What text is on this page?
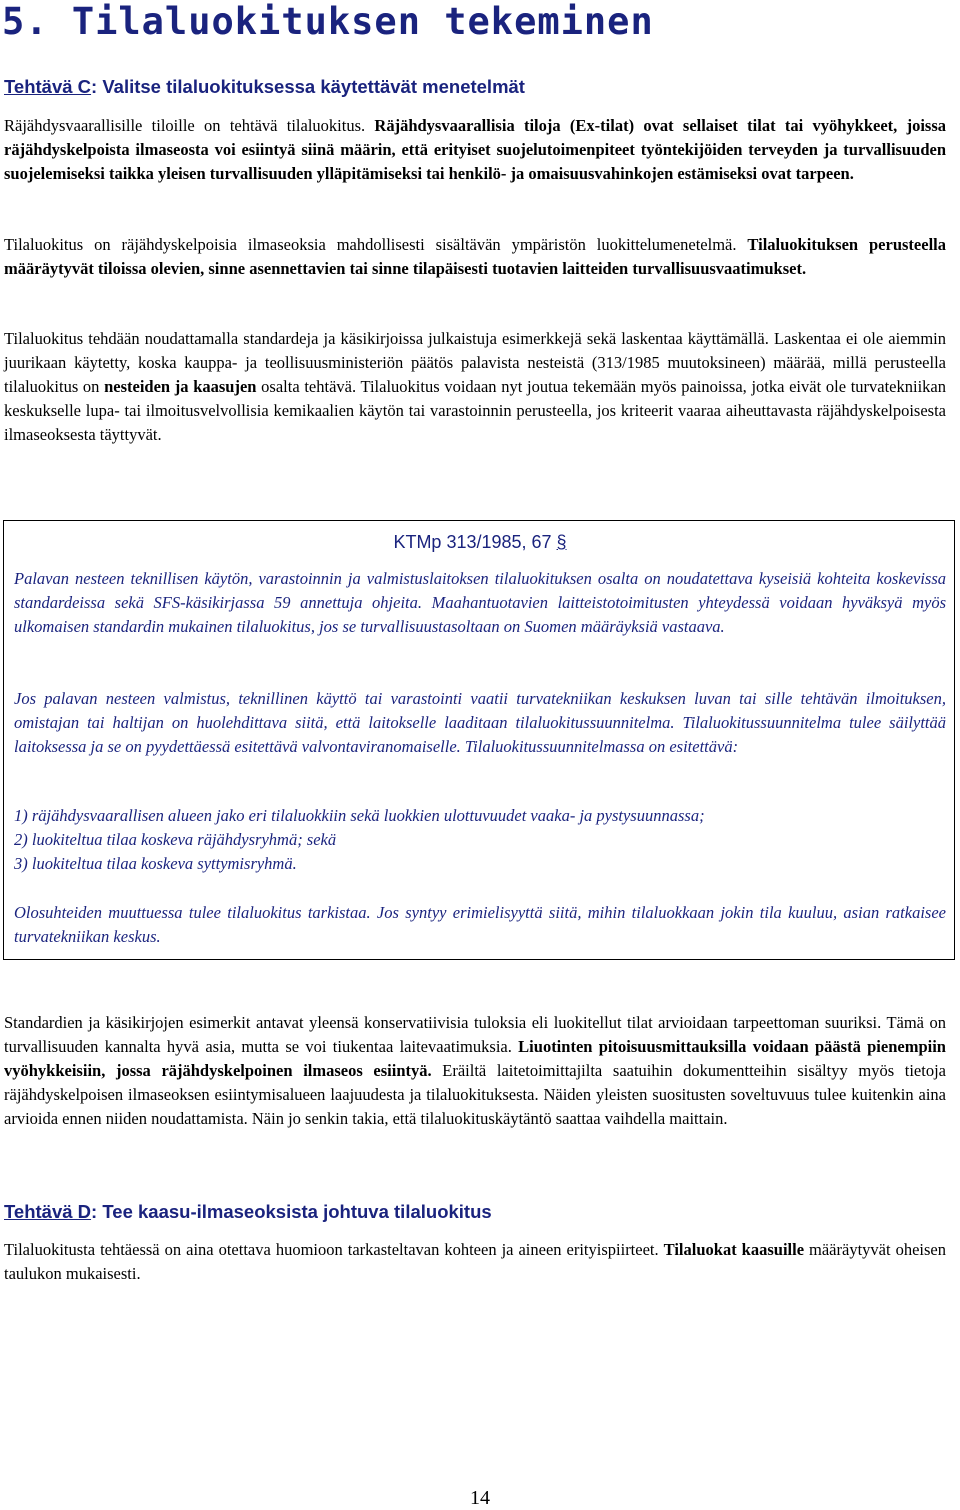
5. Tilaluokituksen tekeminen
Tehtävä C: Valitse tilaluokituksessa käytettävät menetelmät

Räjähdysvaarallisille tiloille on tehtävä tilaluokitus. Räjähdysvaarallisia tiloja (Ex-tilat) ovat sellaiset tilat tai vyöhykkeet, joissa räjähdyskelpoista ilmaseosta voi esiintyä siinä määrin, että erityiset suojelutoimenpiteet työntekijöiden terveyden ja turvallisuuden suojelemiseksi taikka yleisen turvallisuuden ylläpitämiseksi tai henkilö- ja omaisuusvahinkojen estämiseksi ovat tarpeen.

Tilaluokitus on räjähdyskelpoisia ilmaseoksia mahdollisesti sisältävän ympäristön luokittelumenetelmä. Tilaluokituksen perusteella määräytyvät tiloissa olevien, sinne asennettavien tai sinne tilapäisesti tuotavien laitteiden turvallisuusvaatimukset.

Tilaluokitus tehdään noudattamalla standardeja ja käsikirjoissa julkaistuja esimerkkejä sekä laskentaa käyttämällä. Laskentaa ei ole aiemmin juurikaan käytetty, koska kauppa- ja teollisuusministeriön päätös palavista nesteistä (313/1985 muutoksineen) määrää, millä perusteella tilaluokitus on nesteiden ja kaasujen osalta tehtävä. Tilaluokitus voidaan nyt joutua tekemään myös painoissa, jotka eivät ole turvatekniikan keskukselle lupa- tai ilmoitusvelvollisia kemikaalien käytön tai varastoinnin perusteella, jos kriteerit vaaraa aiheuttavasta räjähdyskelpoisesta ilmaseoksesta täyttyvät.

KTMp 313/1985, 67 §

Palavan nesteen teknillisen käytön, varastoinnin ja valmistuslaitoksen tilaluokituksen osalta on noudatettava kyseisiä kohteita koskevissa standardeissa sekä SFS-käsikirjassa 59 annettuja ohjeita. Maahantuotavien laitteistotoimitusten yhteydessä voidaan hyväksyä myös ulkomaisen standardin mukainen tilaluokitus, jos se turvallisuustasoltaan on Suomen määräyksiä vastaava.

Jos palavan nesteen valmistus, teknillinen käyttö tai varastointi vaatii turvatekniikan keskuksen luvan tai sille tehtävän ilmoituksen, omistajan tai haltijan on huolehdittava siitä, että laitokselle laaditaan tilaluokitussuunnitelma. Tilaluokitussuunnitelma tulee säilyttää laitoksessa ja se on pyydettäessä esitettävä valvontaviranomaiselle. Tilaluokitussuunnitelmassa on esitettävä:

1) räjähdysvaarallisen alueen jako eri tilaluokkiin sekä luokkien ulottuvuudet vaaka- ja pystysuunnassa;
2) luokiteltua tilaa koskeva räjähdysryhmä; sekä
3) luokiteltua tilaa koskeva syttymisryhmä.

Olosuhteiden muuttuessa tulee tilaluokitus tarkistaa. Jos syntyy erimielisyyttä siitä, mihin tilaluokkaan jokin tila kuuluu, asian ratkaisee turvatekniikan keskus.

Standardien ja käsikirjojen esimerkit antavat yleensä konservatiivisia tuloksia eli luokitellut tilat arvioidaan tarpeettoman suuriksi. Tämä on turvallisuuden kannalta hyvä asia, mutta se voi tiukentaa laitevaatimuksia. Liuotinten pitoisuusmittauksilla voidaan päästä pienempiin vyöhykkeisiin, jossa räjähdyskelpoinen ilmaseos esiintyä. Eräiltä laitetoimittajilta saatuihin dokumentteihin sisältyy myös tietoja räjähdyskelpoisen ilmaseoksen esiintymisalueen laajuudesta ja tilaluokituksesta. Näiden yleisten suositusten soveltuvuus tulee kuitenkin aina arvioida ennen niiden noudattamista. Näin jo senkin takia, että tilaluokituskäytäntö saattaa vaihdella maittain.

Tehtävä D: Tee kaasu-ilmaseoksista johtuva tilaluokitus

Tilaluokitusta tehtäessä on aina otettava huomioon tarkasteltavan kohteen ja aineen erityispiirteet. Tilaluokat kaasuille määräytyvät oheisen taulukon mukaisesti.

14
